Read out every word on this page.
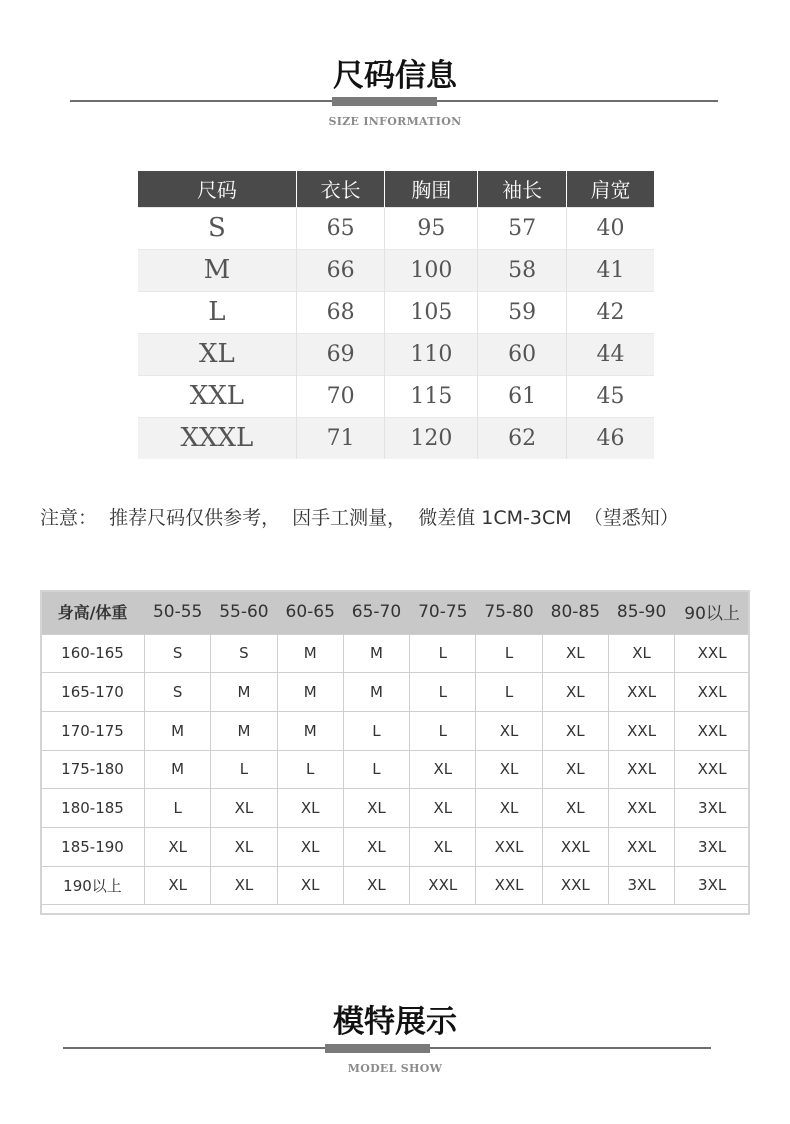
尺码信息
SIZE INFORMATION
尺码	衣长	胸围	袖长	肩宽
S	65	95	57	40
M	66	100	58	41
L	68	105	59	42
XL	69	110	60	44
XXL	70	115	61	45
XXXL	71	120	62	46
注意：  推荐尺码仅供参考，  因手工测量，  微差值 1CM-3CM  （望悉知）
身高/体重	50-55	55-60	60-65	65-70	70-75	75-80	80-85	85-90	90以上
160-165	S	S	M	M	L	L	XL	XL	XXL
165-170	S	M	M	M	L	L	XL	XXL	XXL
170-175	M	M	M	L	L	XL	XL	XXL	XXL
175-180	M	L	L	L	XL	XL	XL	XXL	XXL
180-185	L	XL	XL	XL	XL	XL	XL	XXL	3XL
185-190	XL	XL	XL	XL	XL	XXL	XXL	XXL	3XL
190以上	XL	XL	XL	XL	XXL	XXL	XXL	3XL	3XL
模特展示
MODEL SHOW
